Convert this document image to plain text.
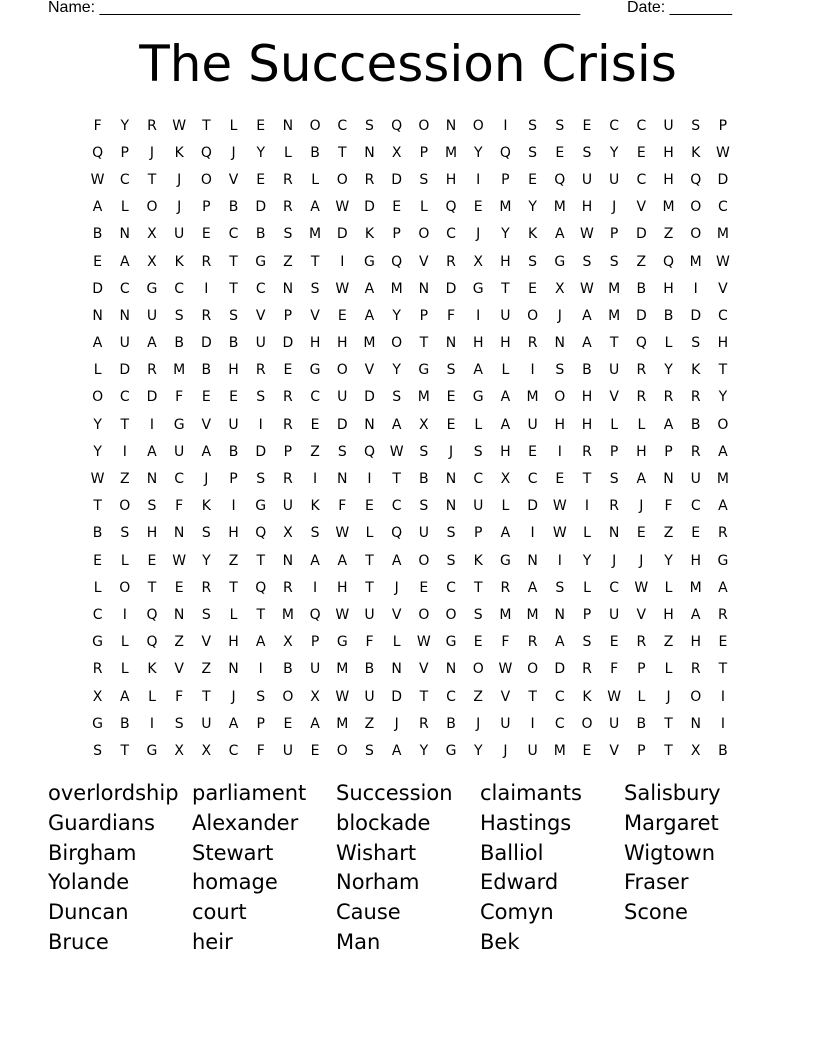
Name: ______________________________________________________	Date: _______
The Succession Crisis
F	Y	R	W	T	L	E	N	O	C	S	Q	O	N	O	I	S	S	E	C	C	U	S	P
Q	P	J	K	Q	J	Y	L	B	T	N	X	P	M	Y	Q	S	E	S	Y	E	H	K	W
W	C	T	J	O	V	E	R	L	O	R	D	S	H	I	P	E	Q	U	U	C	H	Q	D
A	L	O	J	P	B	D	R	A	W	D	E	L	Q	E	M	Y	M	H	J	V	M	O	C
B	N	X	U	E	C	B	S	M	D	K	P	O	C	J	Y	K	A	W	P	D	Z	O	M
E	A	X	K	R	T	G	Z	T	I	G	Q	V	R	X	H	S	G	S	S	Z	Q	M	W
D	C	G	C	I	T	C	N	S	W	A	M	N	D	G	T	E	X	W	M	B	H	I	V
N	N	U	S	R	S	V	P	V	E	A	Y	P	F	I	U	O	J	A	M	D	B	D	C
A	U	A	B	D	B	U	D	H	H	M	O	T	N	H	H	R	N	A	T	Q	L	S	H
L	D	R	M	B	H	R	E	G	O	V	Y	G	S	A	L	I	S	B	U	R	Y	K	T
O	C	D	F	E	E	S	R	C	U	D	S	M	E	G	A	M	O	H	V	R	R	R	Y
Y	T	I	G	V	U	I	R	E	D	N	A	X	E	L	A	U	H	H	L	L	A	B	O
Y	I	A	U	A	B	D	P	Z	S	Q	W	S	J	S	H	E	I	R	P	H	P	R	A
W	Z	N	C	J	P	S	R	I	N	I	T	B	N	C	X	C	E	T	S	A	N	U	M
T	O	S	F	K	I	G	U	K	F	E	C	S	N	U	L	D	W	I	R	J	F	C	A
B	S	H	N	S	H	Q	X	S	W	L	Q	U	S	P	A	I	W	L	N	E	Z	E	R
E	L	E	W	Y	Z	T	N	A	A	T	A	O	S	K	G	N	I	Y	J	J	Y	H	G
L	O	T	E	R	T	Q	R	I	H	T	J	E	C	T	R	A	S	L	C	W	L	M	A
C	I	Q	N	S	L	T	M	Q	W	U	V	O	O	S	M	M	N	P	U	V	H	A	R
G	L	Q	Z	V	H	A	X	P	G	F	L	W	G	E	F	R	A	S	E	R	Z	H	E
R	L	K	V	Z	N	I	B	U	M	B	N	V	N	O	W	O	D	R	F	P	L	R	T
X	A	L	F	T	J	S	O	X	W	U	D	T	C	Z	V	T	C	K	W	L	J	O	I
G	B	I	S	U	A	P	E	A	M	Z	J	R	B	J	U	I	C	O	U	B	T	N	I
S	T	G	X	X	C	F	U	E	O	S	A	Y	G	Y	J	U	M	E	V	P	T	X	B
overlordship parliament	Succession	claimants	Salisbury
Guardians	Alexander	blockade	Hastings	Margaret
Birgham	Stewart	Wishart	Balliol	Wigtown
Yolande	homage	Norham	Edward	Fraser
Duncan	court	Cause	Comyn	Scone
Bruce	heir	Man	Bek
